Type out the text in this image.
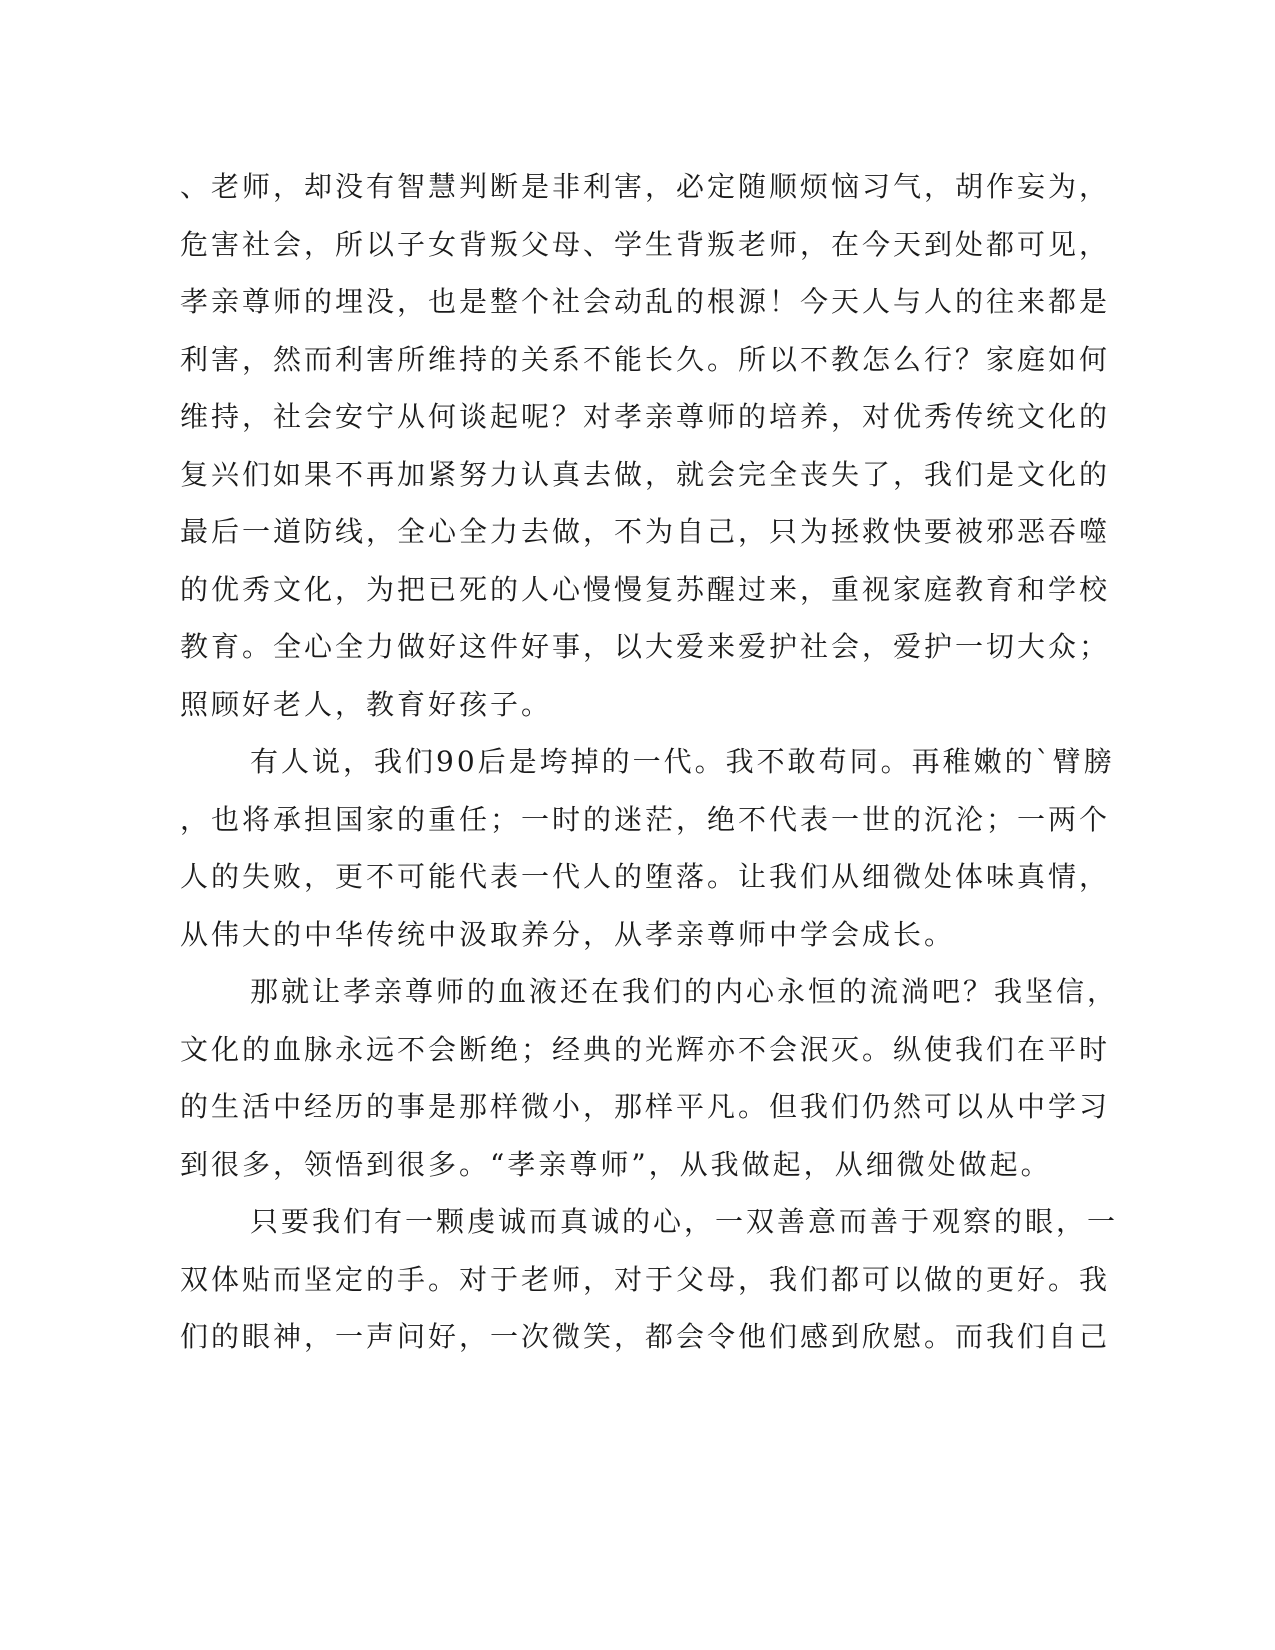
、老师，却没有智慧判断是非利害，必定随顺烦恼习气，胡作妄为，
危害社会，所以子女背叛父母、学生背叛老师，在今天到处都可见，
孝亲尊师的埋没，也是整个社会动乱的根源！今天人与人的往来都是
利害，然而利害所维持的关系不能长久。所以不教怎么行？家庭如何
维持，社会安宁从何谈起呢？对孝亲尊师的培养，对优秀传统文化的
复兴们如果不再加紧努力认真去做，就会完全丧失了，我们是文化的
最后一道防线，全心全力去做，不为自己，只为拯救快要被邪恶吞噬
的优秀文化，为把已死的人心慢慢复苏醒过来，重视家庭教育和学校
教育。全心全力做好这件好事，以大爱来爱护社会，爱护一切大众；
照顾好老人，教育好孩子。
有人说，我们90后是垮掉的一代。我不敢苟同。再稚嫩的`臂膀
，也将承担国家的重任；一时的迷茫，绝不代表一世的沉沦；一两个
人的失败，更不可能代表一代人的堕落。让我们从细微处体味真情，
从伟大的中华传统中汲取养分，从孝亲尊师中学会成长。
那就让孝亲尊师的血液还在我们的内心永恒的流淌吧？我坚信，
文化的血脉永远不会断绝；经典的光辉亦不会泯灭。纵使我们在平时
的生活中经历的事是那样微小，那样平凡。但我们仍然可以从中学习
到很多，领悟到很多。“孝亲尊师”，从我做起，从细微处做起。
只要我们有一颗虔诚而真诚的心，一双善意而善于观察的眼，一
双体贴而坚定的手。对于老师，对于父母，我们都可以做的更好。我
们的眼神，一声问好，一次微笑，都会令他们感到欣慰。而我们自己
